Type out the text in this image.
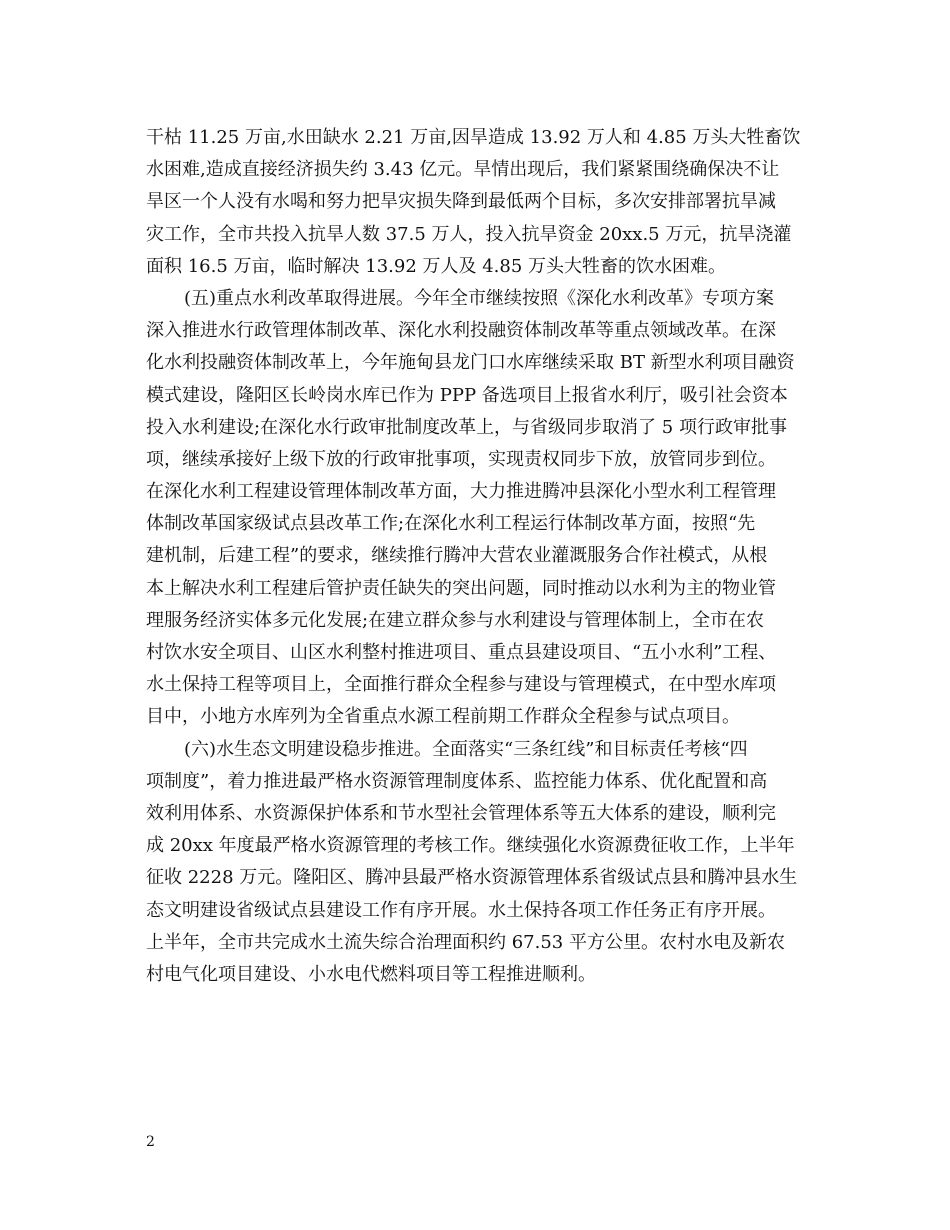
干枯 11.25 万亩,水田缺水 2.21 万亩,因旱造成 13.92 万人和 4.85 万头大牲畜饮
水困难,造成直接经济损失约 3.43 亿元。旱情出现后，我们紧紧围绕确保决不让
旱区一个人没有水喝和努力把旱灾损失降到最低两个目标，多次安排部署抗旱减
灾工作，全市共投入抗旱人数 37.5 万人，投入抗旱资金 20xx.5 万元，抗旱浇灌
面积 16.5 万亩，临时解决 13.92 万人及 4.85 万头大牲畜的饮水困难。
(五)重点水利改革取得进展。今年全市继续按照《深化水利改革》专项方案
深入推进水行政管理体制改革、深化水利投融资体制改革等重点领域改革。在深
化水利投融资体制改革上，今年施甸县龙门口水库继续采取 BT 新型水利项目融资
模式建设，隆阳区长岭岗水库已作为 PPP 备选项目上报省水利厅，吸引社会资本
投入水利建设;在深化水行政审批制度改革上，与省级同步取消了 5 项行政审批事
项，继续承接好上级下放的行政审批事项，实现责权同步下放，放管同步到位。
在深化水利工程建设管理体制改革方面，大力推进腾冲县深化小型水利工程管理
体制改革国家级试点县改革工作;在深化水利工程运行体制改革方面，按照“先
建机制，后建工程”的要求，继续推行腾冲大营农业灌溉服务合作社模式，从根
本上解决水利工程建后管护责任缺失的突出问题，同时推动以水利为主的物业管
理服务经济实体多元化发展;在建立群众参与水利建设与管理体制上，全市在农
村饮水安全项目、山区水利整村推进项目、重点县建设项目、“五小水利”工程、
水土保持工程等项目上，全面推行群众全程参与建设与管理模式，在中型水库项
目中，小地方水库列为全省重点水源工程前期工作群众全程参与试点项目。
(六)水生态文明建设稳步推进。全面落实“三条红线”和目标责任考核“四
项制度”，着力推进最严格水资源管理制度体系、监控能力体系、优化配置和高
效利用体系、水资源保护体系和节水型社会管理体系等五大体系的建设，顺利完
成 20xx 年度最严格水资源管理的考核工作。继续强化水资源费征收工作，上半年
征收 2228 万元。隆阳区、腾冲县最严格水资源管理体系省级试点县和腾冲县水生
态文明建设省级试点县建设工作有序开展。水土保持各项工作任务正有序开展。
上半年，全市共完成水土流失综合治理面积约 67.53 平方公里。农村水电及新农
村电气化项目建设、小水电代燃料项目等工程推进顺利。
2
